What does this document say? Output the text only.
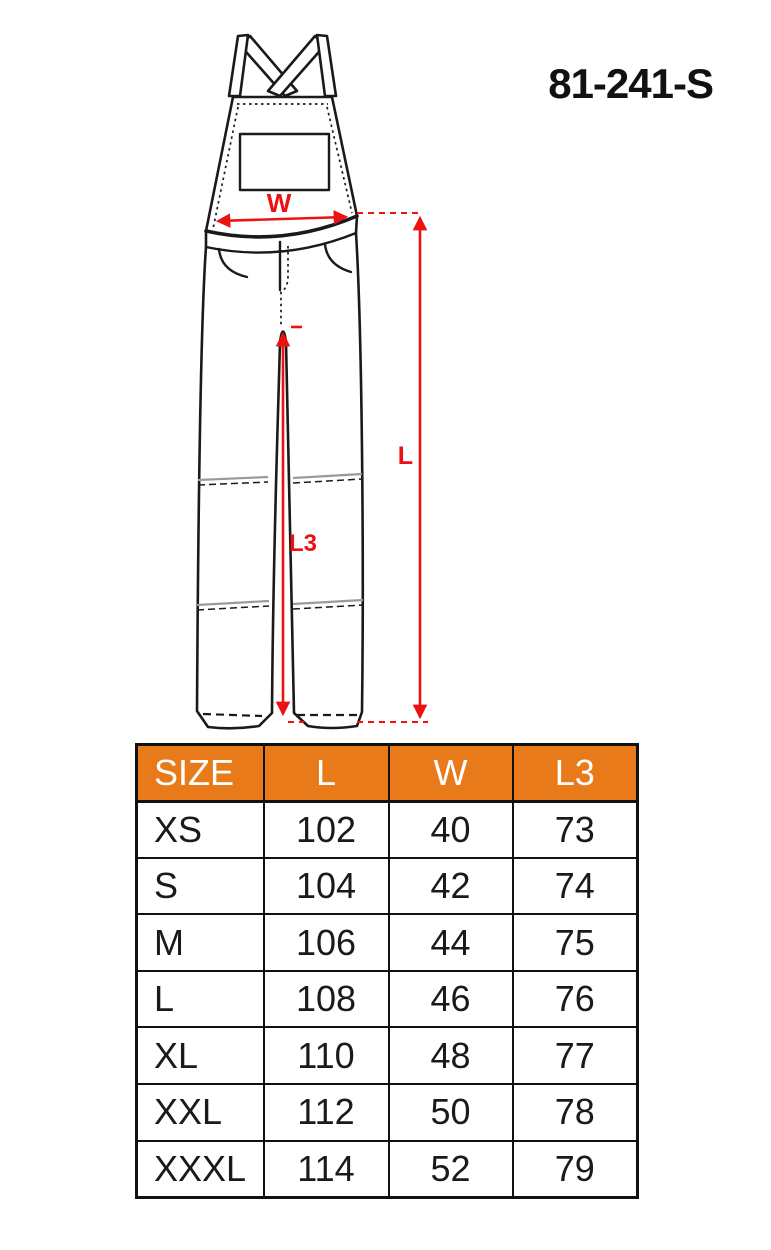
81-241-S
W
L
L3
SIZE	L	W	L3
XS	102	40	73
S	104	42	74
M	106	44	75
L	108	46	76
XL	110	48	77
XXL	112	50	78
XXXL	114	52	79
